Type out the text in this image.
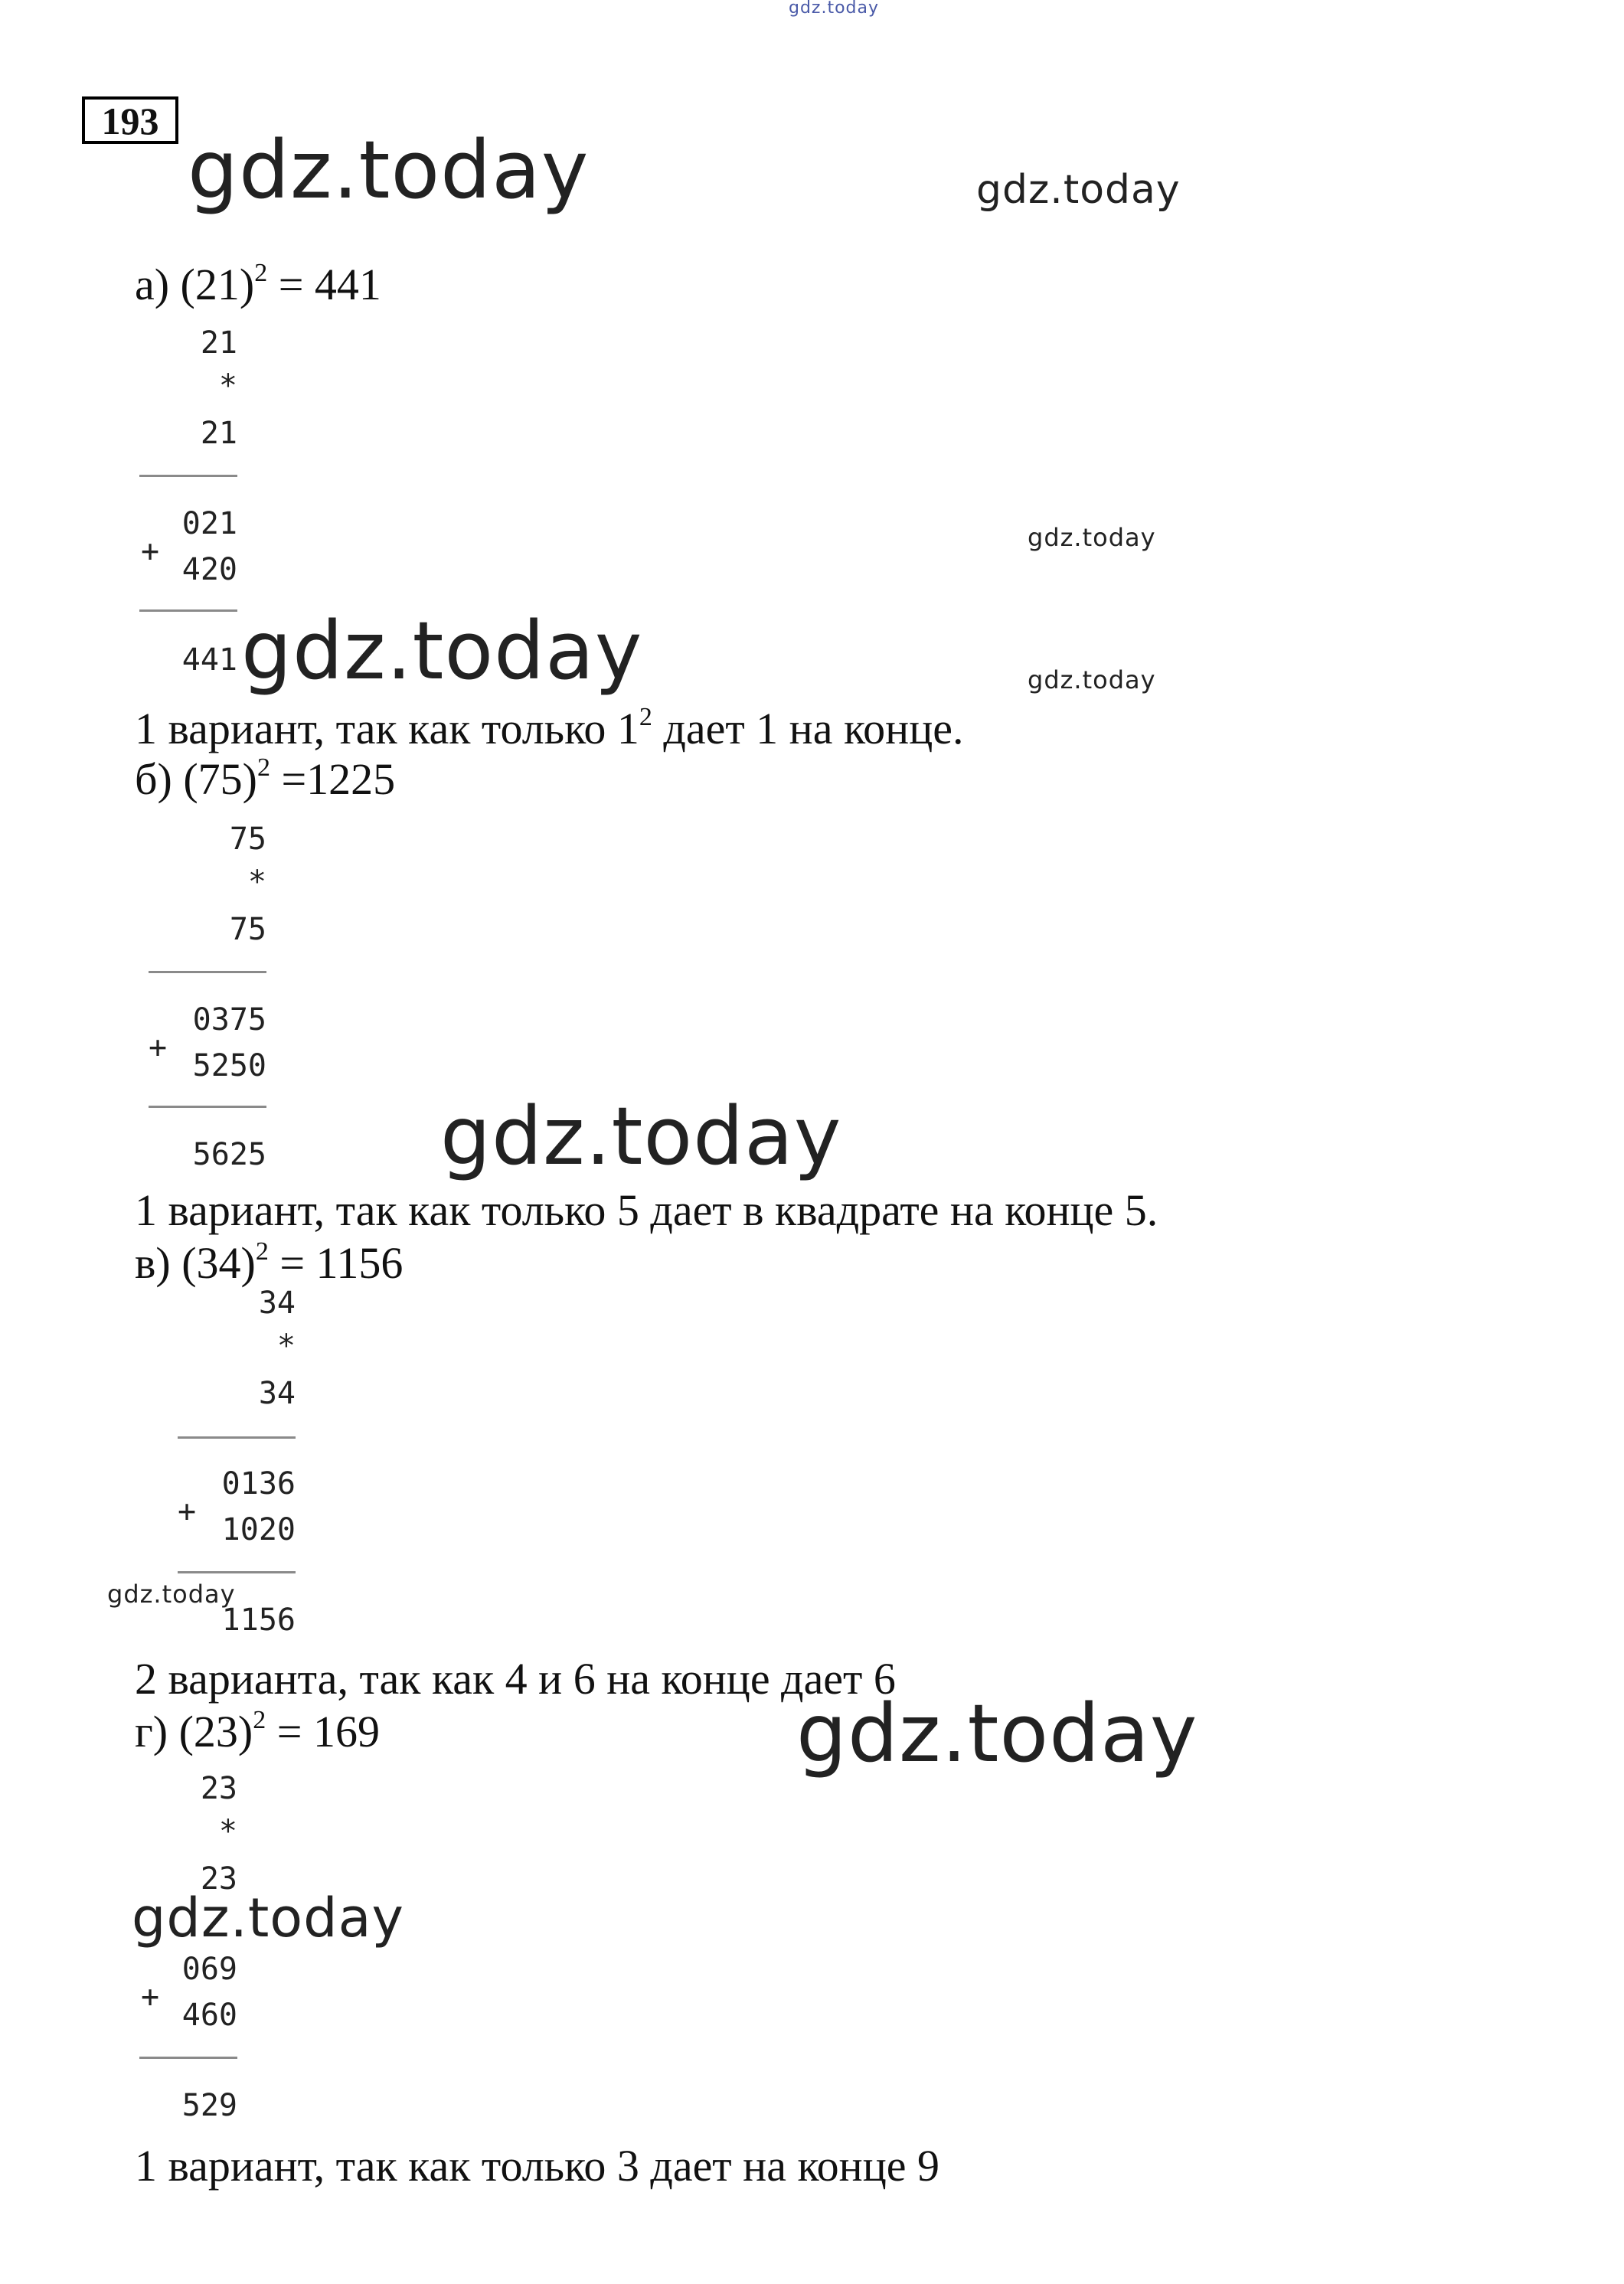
gdz.today
193
gdz.today	gdz.today
gdz.today
gdz.today	gdz.today
gdz.today
gdz.today
gdz.today
gdz.today
а) $(21)^2 = 441$
21
*
21
021
+
420
441
1 вариант, так как только $1^2$ дает 1 на конце.
б) $(75)^2 =1225$
75
*
75
0375
+
5250
5625
1 вариант, так как только 5 дает в квадрате на конце 5.
в) $(34)^2 = 1156$
34
*
34
0136
+
1020
1156
2 варианта, так как 4 и 6 на конце дает 6
г) $(23)^2 = 169$
23
*
23
069
+
460
529
1 вариант, так как только 3 дает на конце 9
